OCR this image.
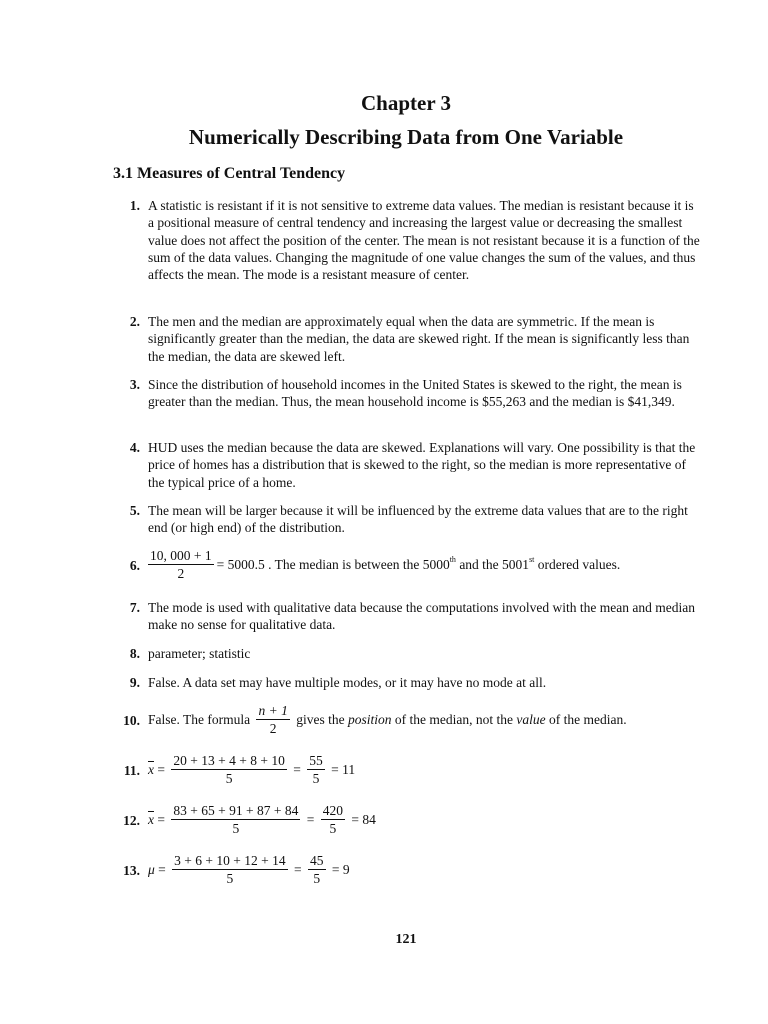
Chapter 3
Numerically Describing Data from One Variable
3.1 Measures of Central Tendency
1. A statistic is resistant if it is not sensitive to extreme data values. The median is resistant because it is a positional measure of central tendency and increasing the largest value or decreasing the smallest value does not affect the position of the center. The mean is not resistant because it is a function of the sum of the data values. Changing the magnitude of one value changes the sum of the values, and thus affects the mean. The mode is a resistant measure of center.
2. The men and the median are approximately equal when the data are symmetric. If the mean is significantly greater than the median, the data are skewed right. If the mean is significantly less than the median, the data are skewed left.
3. Since the distribution of household incomes in the United States is skewed to the right, the mean is greater than the median. Thus, the mean household income is $55,263 and the median is $41,349.
4. HUD uses the median because the data are skewed. Explanations will vary. One possibility is that the price of homes has a distribution that is skewed to the right, so the median is more representative of the typical price of a home.
5. The mean will be larger because it will be influenced by the extreme data values that are to the right end (or high end) of the distribution.
6. $\frac{10, 000 + 1}{2} = 5000.5$ . The median is between the 5000th and the 5001st ordered values.
7. The mode is used with qualitative data because the computations involved with the mean and median make no sense for qualitative data.
8. parameter; statistic
9. False. A data set may have multiple modes, or it may have no mode at all.
10. False. The formula $\frac{n + 1}{2}$ gives the position of the median, not the value of the median.
11. $\overline{x} = \frac{20 + 13 + 4 + 8 + 10}{5} = \frac{55}{5} = 11$
12. $\overline{x} = \frac{83 + 65 + 91 + 87 + 84}{5} = \frac{420}{5} = 84$
13. $\mu = \frac{3 + 6 + 10 + 12 + 14}{5} = \frac{45}{5} = 9$
121
